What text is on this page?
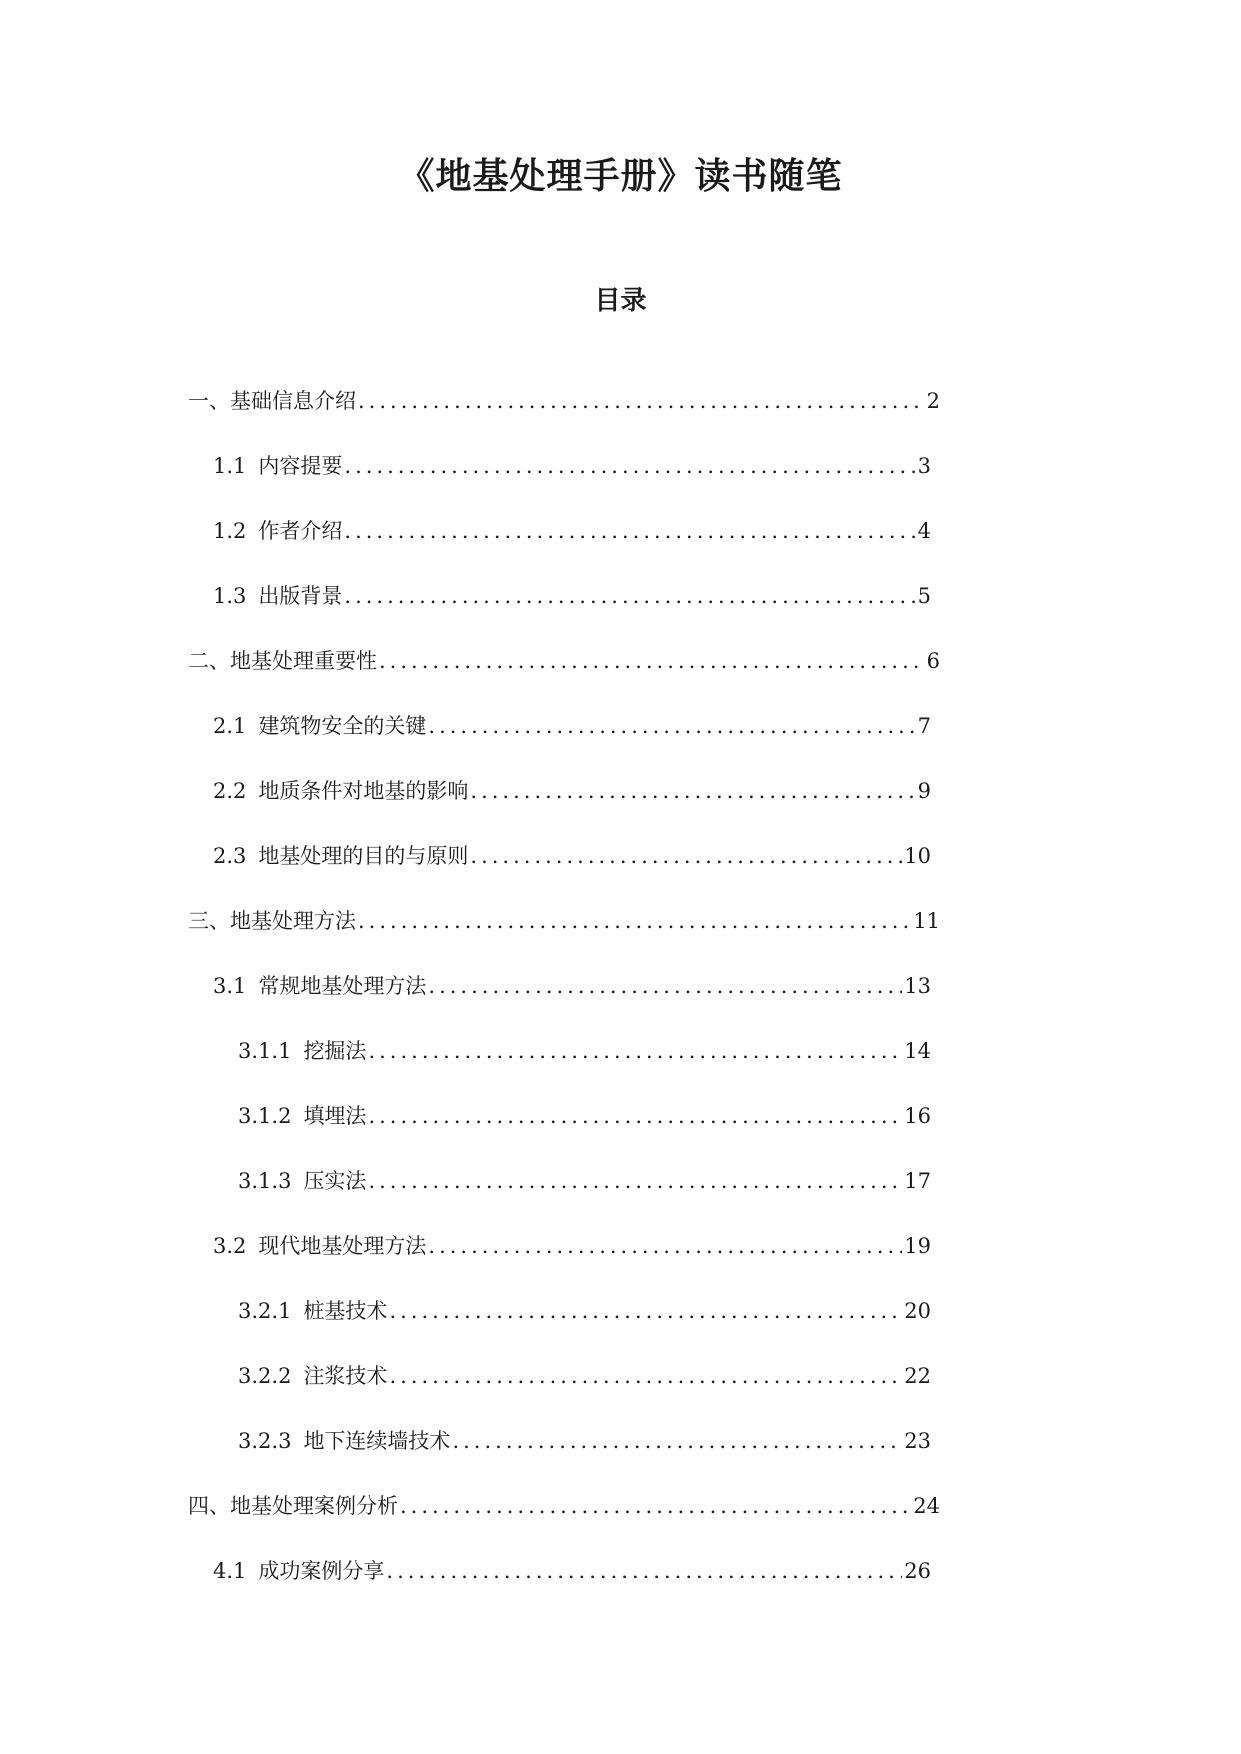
《地基处理手册》读书随笔
目录
一、基础信息介绍 .....	2
1.1 内容提要 .....	3
1.2 作者介绍 .....	4
1.3 出版背景 .....	5
二、地基处理重要性 .....	6
2.1 建筑物安全的关键 .....	7
2.2 地质条件对地基的影响 .....	9
2.3 地基处理的目的与原则 .....	10
三、地基处理方法 .....	11
3.1 常规地基处理方法 .....	13
3.1.1 挖掘法 .....	14
3.1.2 填埋法 .....	16
3.1.3 压实法 .....	17
3.2 现代地基处理方法 .....	19
3.2.1 桩基技术 .....	20
3.2.2 注浆技术 .....	22
3.2.3 地下连续墙技术 .....	23
四、地基处理案例分析 .....	24
4.1 成功案例分享 .....	26
